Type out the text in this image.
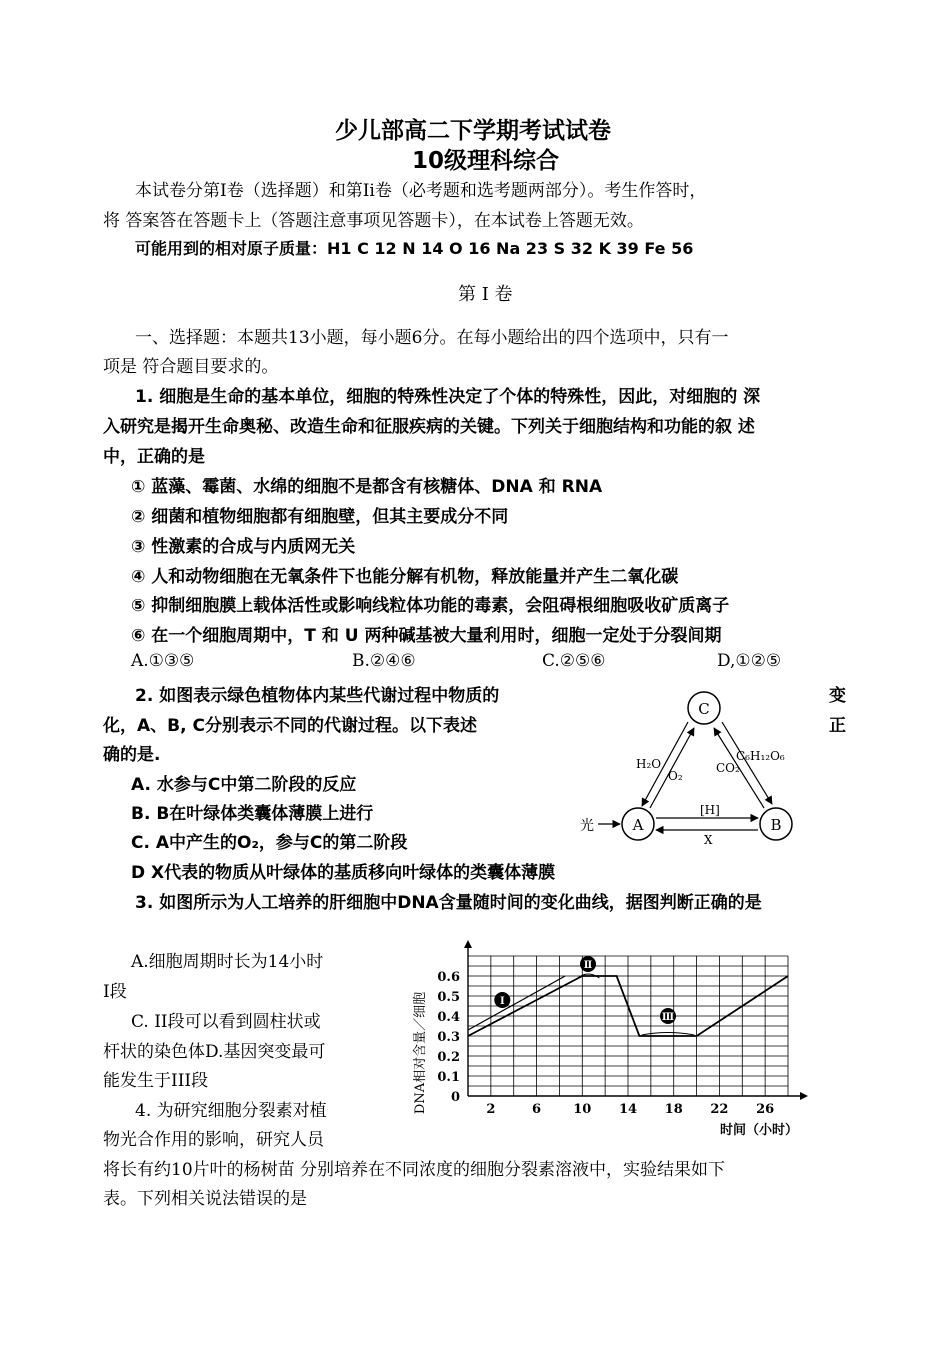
少儿部高二下学期考试试卷
10级理科综合
本试卷分第I卷（选择题）和第Ii卷（必考题和选考题两部分）。考生作答时，
将 答案答在答题卡上（答题注意事项见答题卡），在本试卷上答题无效。
可能用到的相对原子质量：H1 C 12 N 14 O 16 Na 23 S 32 K 39 Fe 56
第 Ⅰ 卷
一、选择题：本题共13小题，每小题6分。在每小题给出的四个选项中，只有一
项是 符合题目要求的。
1. 细胞是生命的基本单位，细胞的特殊性决定了个体的特殊性，因此，对细胞的 深
入研究是揭开生命奥秘、改造生命和征服疾病的关键。下列关于细胞结构和功能的叙 述
中，正确的是
① 蓝藻、霉菌、水绵的细胞不是都含有核糖体、DNA 和 RNA
② 细菌和植物细胞都有细胞壁，但其主要成分不同
③ 性激素的合成与内质网无关
④ 人和动物细胞在无氧条件下也能分解有机物，释放能量并产生二氧化碳
⑤ 抑制细胞膜上载体活性或影响线粒体功能的毒素，会阻碍根细胞吸收矿质离子
⑥ 在一个细胞周期中，T 和 U 两种碱基被大量利用时，细胞一定处于分裂间期
A.①③⑤	B.②④⑥	C.②⑤⑥	D,①②⑤
2. 如图表示绿色植物体内某些代谢过程中物质的	变
化，A、B, C分别表示不同的代谢过程。以下表述	正
确的是.
A. 水参与C中第二阶段的反应
B. B在叶绿体类囊体薄膜上进行
C. A中产生的O₂，参与C的第二阶段
D X代表的物质从叶绿体的基质移向叶绿体的类囊体薄膜
C
A	B
光
H₂O
O₂
CO₂
C₆H₁₂O₆
[H]
X
3. 如图所示为人工培养的肝细胞中DNA含量随时间的变化曲线，据图判断正确的是
A.细胞周期时长为14小时
I段
C. II段可以看到圆柱状或
杆状的染色体D.基因突变最可
能发生于III段
0.6
0.5
0.4
0.3
0.2
0.1
0
2	6 10 14 18 22 26
Ⅰ
Ⅱ
Ⅲ
DNA相对含量／细胞
时间（小时）
4. 为研究细胞分裂素对植
物光合作用的影响，研究人员
将长有约10片叶的杨树苗 分别培养在不同浓度的细胞分裂素溶液中，实验结果如下
表。下列相关说法错误的是
